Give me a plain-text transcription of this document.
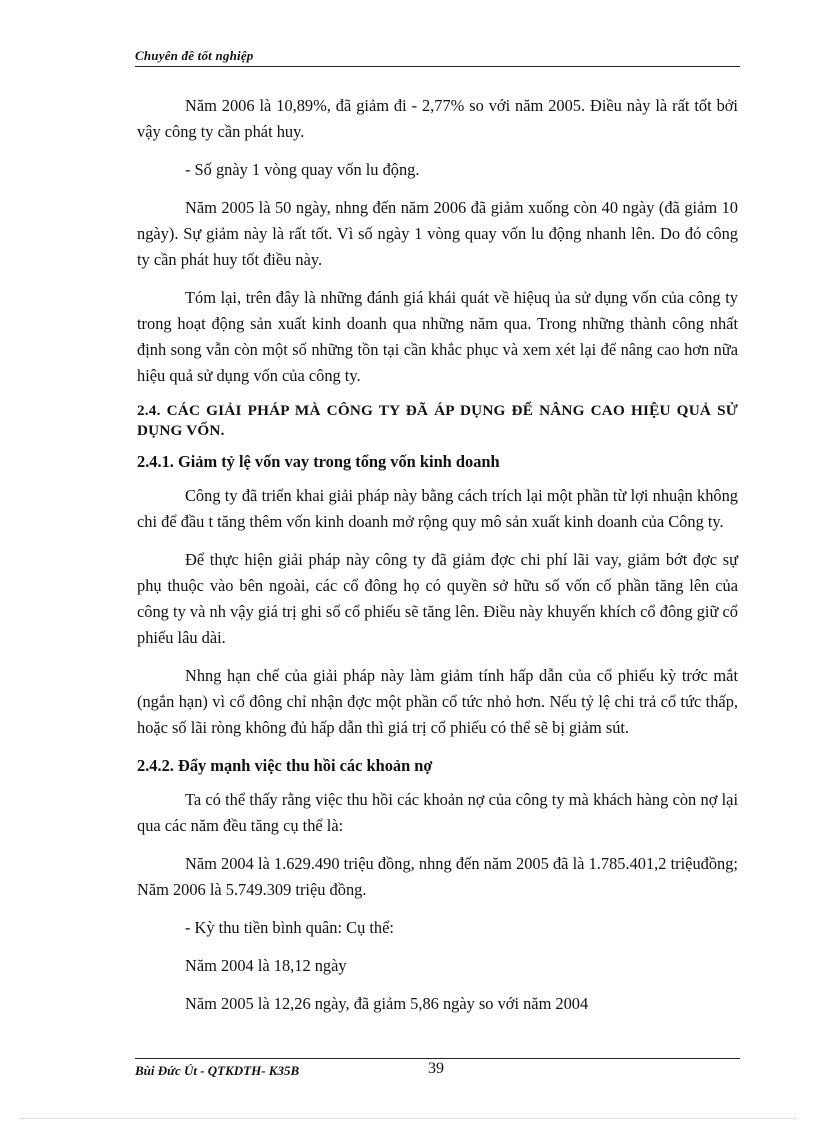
Chuyên đề tốt nghiệp

Năm 2006 là 10,89%, đã giảm đi - 2,77% so với năm 2005. Điều này là rất tốt bởi vậy công ty cần phát huy.

- Số gnày 1 vòng quay vốn lu động.

Năm 2005 là 50 ngày, nhng đến năm 2006 đã giảm xuống còn 40 ngày (đã giảm 10 ngày). Sự giảm này là rất tốt. Vì số ngày 1 vòng quay vốn lu động nhanh lên. Do đó công ty cần phát huy tốt điều này.

Tóm lại, trên đây là những đánh giá khái quát về hiệuq ủa sử dụng vốn của công ty trong hoạt động sản xuất kinh doanh qua những năm qua. Trong những thành công nhất định song vẫn còn một số những tồn tại cần khắc phục và xem xét lại để nâng cao hơn nữa hiệu quả sử dụng vốn của công ty.

2.4. CÁC GIẢI PHÁP MÀ CÔNG TY ĐÃ ÁP DỤNG ĐỂ NÂNG CAO HIỆU QUẢ SỬ DỤNG VỐN.
2.4.1. Giảm tỷ lệ vốn vay trong tổng vốn kinh doanh

Công ty đã triển khai giải pháp này bằng cách trích lại một phần từ lợi nhuận không chi để đầu t tăng thêm vốn kinh doanh mở rộng quy mô sản xuất kinh doanh của Công ty.

Để thực hiện giải pháp này công ty đã giảm đợc chi phí lãi vay, giảm bớt đợc sự phụ thuộc vào bên ngoài, các cổ đông họ có quyền sở hữu số vốn cố phần tăng lên của công ty và nh vậy giá trị ghi sổ cổ phiếu sẽ tăng lên. Điều này khuyến khích cổ đông giữ cổ phiếu lâu dài.

Nhng hạn chế của giải pháp này làm giảm tính hấp dẫn của cổ phiếu kỳ trớc mắt (ngắn hạn) vì cổ đông chỉ nhận đợc một phần cổ tức nhỏ hơn. Nếu tỷ lệ chi trả cổ tức thấp, hoặc số lãi ròng không đủ hấp dẫn thì giá trị cổ phiếu có thể sẽ bị giảm sút.

2.4.2. Đẩy mạnh việc thu hồi các khoản nợ

Ta có thể thấy rằng việc thu hồi các khoản nợ của công ty mà khách hàng còn nợ lại qua các năm đều tăng cụ thể là:

Năm 2004 là 1.629.490 triệu đồng, nhng đến năm 2005 đã là 1.785.401,2 triệuđồng; Năm 2006 là 5.749.309 triệu đồng.

- Kỳ thu tiền bình quân: Cụ thể:

Năm 2004 là 18,12 ngày

Năm 2005 là 12,26 ngày, đã giảm 5,86 ngày so với năm 2004

Bùi Đức Út - QTKDTH- K35B	39
